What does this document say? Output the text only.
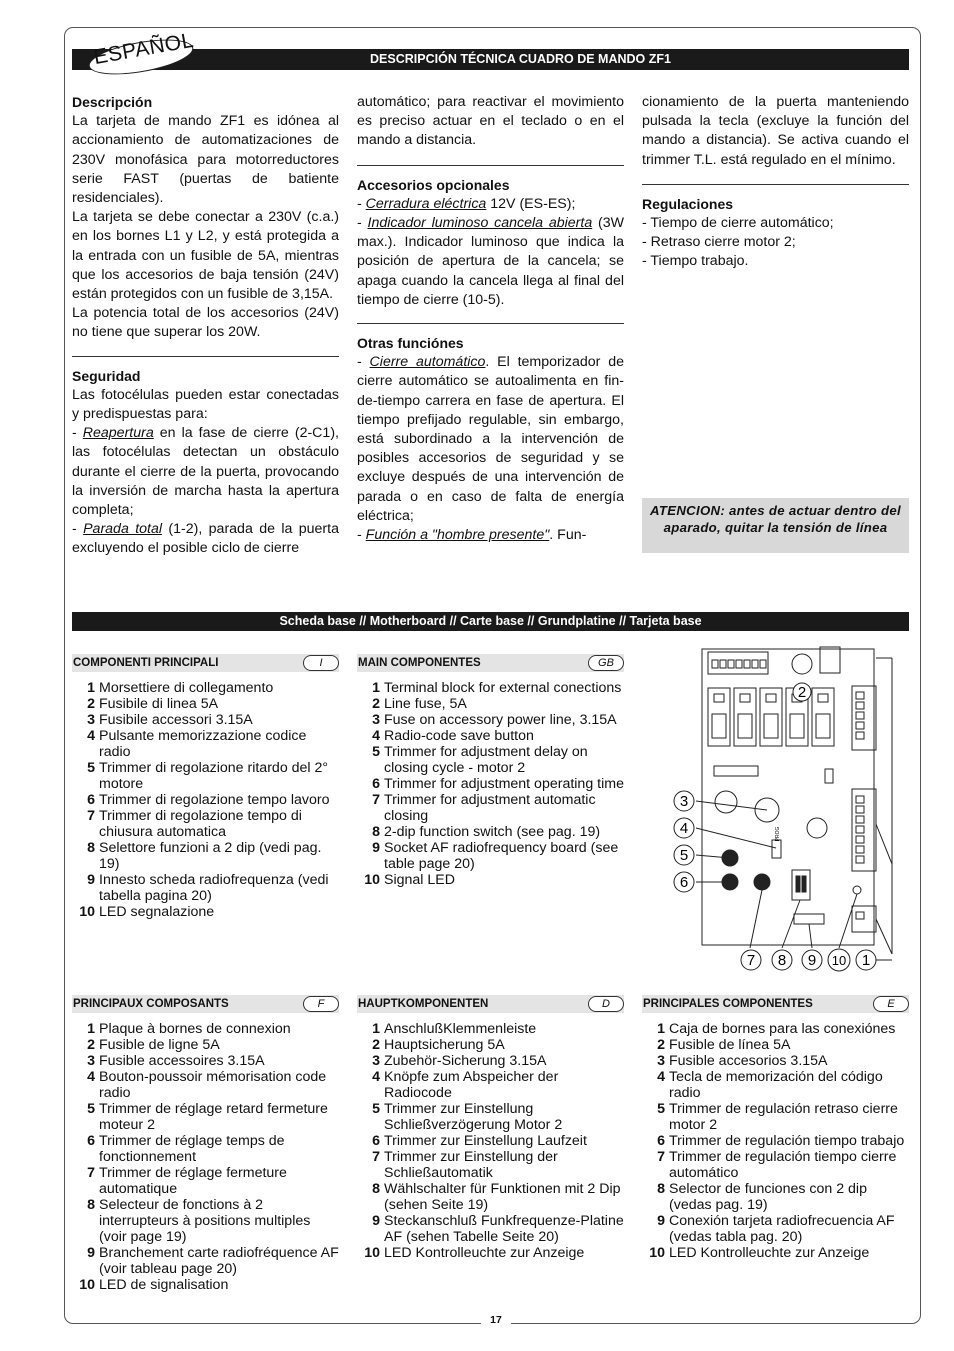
ESPAÑOL	DESCRIPCIÓN TÉCNICA CUADRO DE MANDO ZF1

Descripción

La tarjeta de mando ZF1 es idónea al accionamiento de automatizaciones de 230V monofásica para motorreductores serie FAST (puertas de batiente residenciales).

La tarjeta se debe conectar a 230V (c.a.) en los bornes L1 y L2, y está protegida a la entrada con un fusible de 5A, mientras que los accesorios de baja tensión (24V) están protegidos con un fusible de 3,15A.

La potencia total de los accesorios (24V) no tiene que superar los 20W.

Seguridad

Las fotocélulas pueden estar conectadas y predispuestas para:

- Reapertura en la fase de cierre (2-C1), las fotocélulas detectan un obstáculo durante el cierre de la puerta, provocando la inversión de marcha hasta la apertura completa;

- Parada total (1-2), parada de la puerta excluyendo el posible ciclo de cierre

automático; para reactivar el movimiento es preciso actuar en el teclado o en el mando a distancia.

Accesorios opcionales

- Cerradura eléctrica 12V (ES-ES);

- Indicador luminoso cancela abierta (3W max.). Indicador luminoso que indica la posición de apertura de la cancela; se apaga cuando la cancela llega al final del tiempo de cierre (10-5).

Otras funciónes

- Cierre automático. El temporizador de cierre automático se autoalimenta en fin-de-tiempo carrera en fase de apertura. El tiempo prefijado regulable, sin embargo, está subordinado a la intervención de posibles accesorios de seguridad y se excluye después de una intervención de parada o en caso de falta de energía eléctrica;

- Función a "hombre presente". Fun-

cionamiento de la puerta manteniendo pulsada la tecla (excluye la función del mando a distancia). Se activa cuando el trimmer T.L. está regulado en el mínimo.

Regulaciones

- Tiempo de cierre automático;

- Retraso cierre motor 2;

- Tiempo trabajo.

ATENCION: antes de actuar dentro del aparado, quitar la tensión de línea
Scheda base // Motherboard // Carte base // Grundplatine // Tarjeta base
COMPONENTI PRINCIPALI	I
1 Morsettiere di collegamento
2 Fusibile di linea 5A
3 Fusibile accessori 3.15A
4 Pulsante memorizzazione codice radio
5 Trimmer di regolazione ritardo del 2° motore
6 Trimmer di regolazione tempo lavoro
7 Trimmer di regolazione tempo di chiusura automatica
8 Selettore funzioni a 2 dip (vedi pag. 19)
9 Innesto scheda radiofrequenza (vedi tabella pagina 20)
10 LED segnalazione
MAIN COMPONENTES	GB
1 Terminal block for external conections
2 Line fuse, 5A
3 Fuse on accessory power line, 3.15A
4 Radio-code save button
5 Trimmer for adjustment delay on closing cycle - motor 2
6 Trimmer for adjustment operating time
7 Trimmer for adjustment automatic closing
8 2-dip function switch (see pag. 19)
9 Socket AF radiofrequency board (see table page 20)
10 Signal LED
PRINCIPAUX COMPOSANTS	F
1 Plaque à bornes de connexion
2 Fusible de ligne 5A
3 Fusible accessoires 3.15A
4 Bouton-poussoir mémorisation code radio
5 Trimmer de réglage retard fermeture moteur 2
6 Trimmer de réglage temps de fonctionnement
7 Trimmer de réglage fermeture automatique
8 Selecteur de fonctions à 2 interrupteurs à positions multiples (voir page 19)
9 Branchement carte radiofréquence AF (voir tableau page 20)
10 LED de signalisation
HAUPTKOMPONENTEN	D
1 AnschlußKlemmenleiste
2 Hauptsicherung 5A
3 Zubehör-Sicherung 3.15A
4 Knöpfe zum Abspeicher der Radiocode
5 Trimmer zur Einstellung Schließverzögerung Motor 2
6 Trimmer zur Einstellung Laufzeit
7 Trimmer zur Einstellung der Schließautomatik
8 Wählschalter für Funktionen mit 2 Dip (sehen Seite 19)
9 Steckanschluß Funkfrequenze-Platine AF (sehen Tabelle Seite 20)
10 LED Kontrolleuchte zur Anzeige
PRINCIPALES COMPONENTES	E
1 Caja de bornes para las conexiónes
2 Fusible de línea 5A
3 Fusible accesorios 3.15A
4 Tecla de memorización del código radio
5 Trimmer de regulación retraso cierre motor 2
6 Trimmer de regulación tiempo trabajo
7 Trimmer de regulación tiempo cierre automático
8 Selector de funciones con 2 dip (vedas pag. 19)
9 Conexión tarjeta radiofrecuencia AF (vedas tabla pag. 20)
10 LED Kontrolleuchte zur Anzeige
2
3
4
5
6
7 8 9 10 1
PROG
17
